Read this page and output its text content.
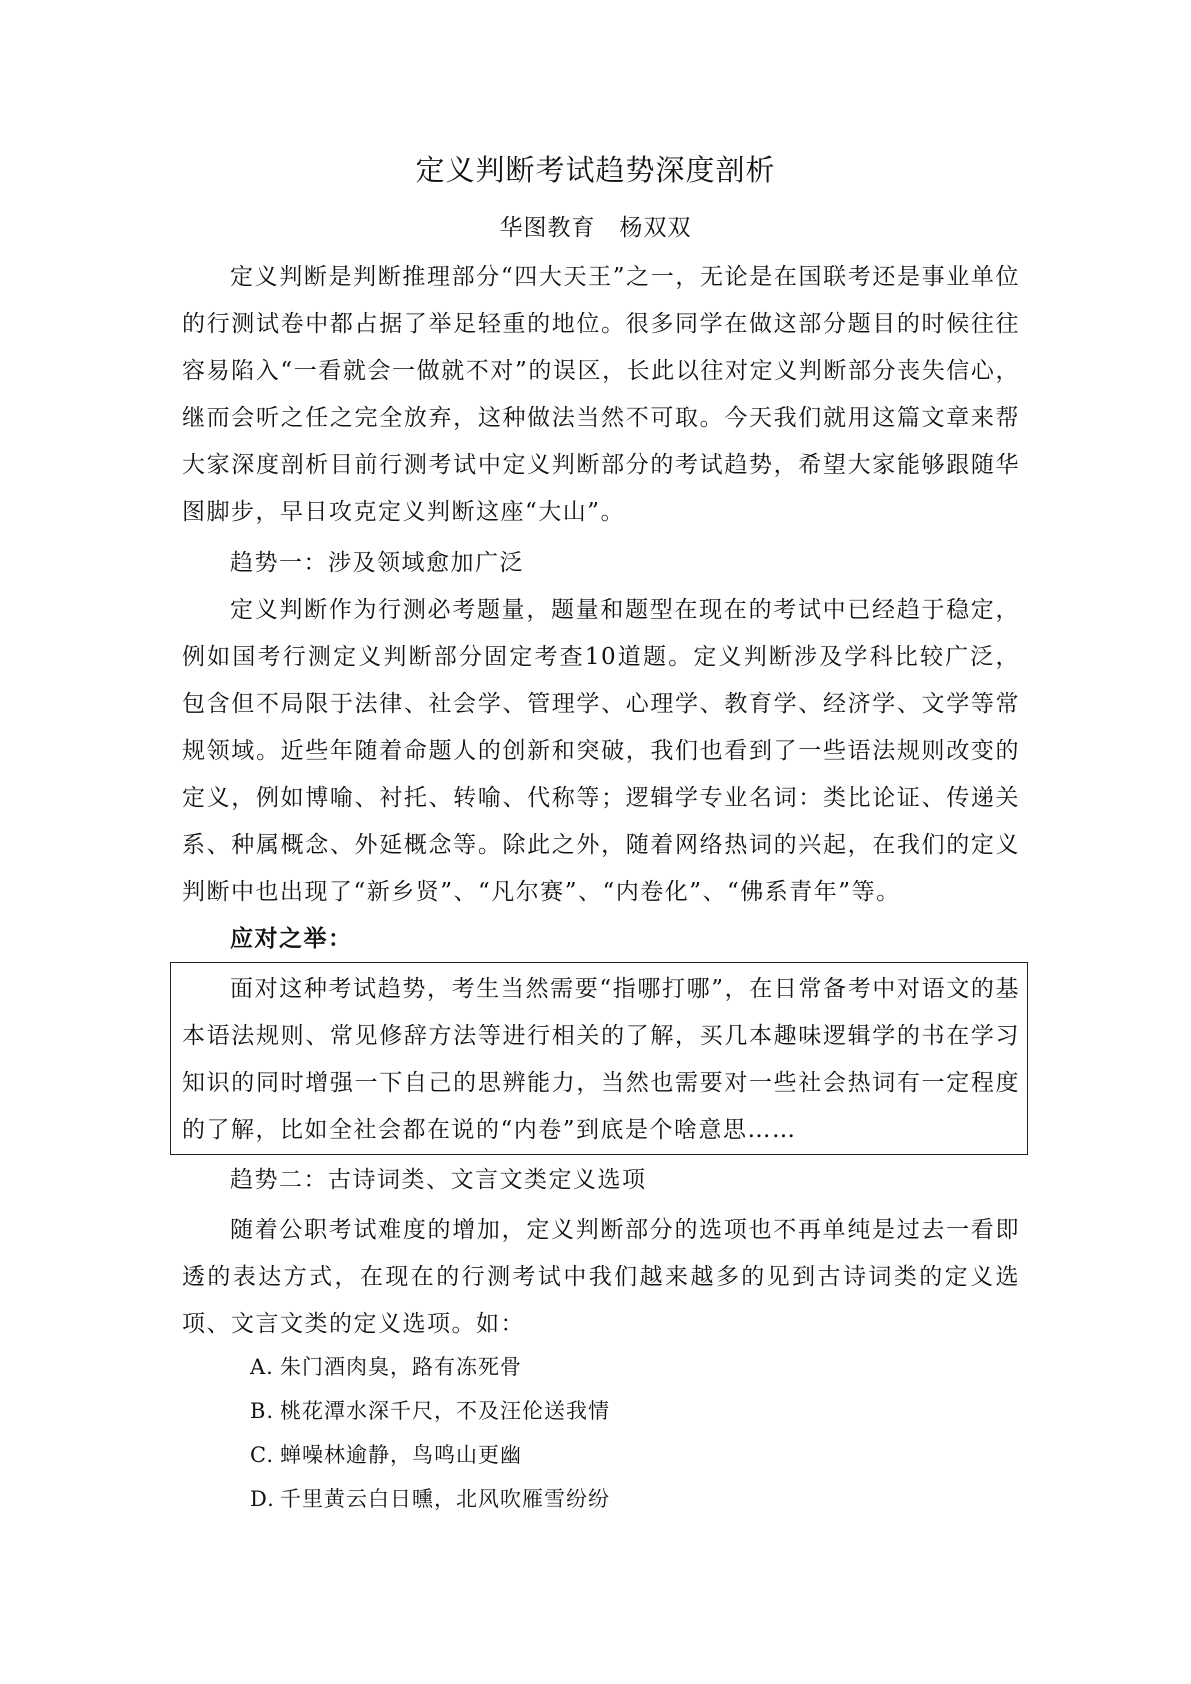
定义判断考试趋势深度剖析

华图教育 杨双双

定义判断是判断推理部分“四大天王”之一，无论是在国联考还是事业单位的行测试卷中都占据了举足轻重的地位。很多同学在做这部分题目的时候往往容易陷入“一看就会一做就不对”的误区，长此以往对定义判断部分丧失信心，继而会听之任之完全放弃，这种做法当然不可取。今天我们就用这篇文章来帮大家深度剖析目前行测考试中定义判断部分的考试趋势，希望大家能够跟随华图脚步，早日攻克定义判断这座“大山”。

趋势一：涉及领域愈加广泛

定义判断作为行测必考题量，题量和题型在现在的考试中已经趋于稳定，例如国考行测定义判断部分固定考查10道题。定义判断涉及学科比较广泛，包含但不局限于法律、社会学、管理学、心理学、教育学、经济学、文学等常规领域。近些年随着命题人的创新和突破，我们也看到了一些语法规则改变的定义，例如博喻、衬托、转喻、代称等；逻辑学专业名词：类比论证、传递关系、种属概念、外延概念等。除此之外，随着网络热词的兴起，在我们的定义判断中也出现了“新乡贤”、“凡尔赛”、“内卷化”、“佛系青年”等。

应对之举：

面对这种考试趋势，考生当然需要“指哪打哪”，在日常备考中对语文的基本语法规则、常见修辞方法等进行相关的了解，买几本趣味逻辑学的书在学习知识的同时增强一下自己的思辨能力，当然也需要对一些社会热词有一定程度的了解，比如全社会都在说的“内卷”到底是个啥意思……

趋势二：古诗词类、文言文类定义选项

随着公职考试难度的增加，定义判断部分的选项也不再单纯是过去一看即透的表达方式，在现在的行测考试中我们越来越多的见到古诗词类的定义选项、文言文类的定义选项。如：

A. 朱门酒肉臭，路有冻死骨
B. 桃花潭水深千尺，不及汪伦送我情
C. 蝉噪林逾静，鸟鸣山更幽
D. 千里黄云白日曛，北风吹雁雪纷纷
